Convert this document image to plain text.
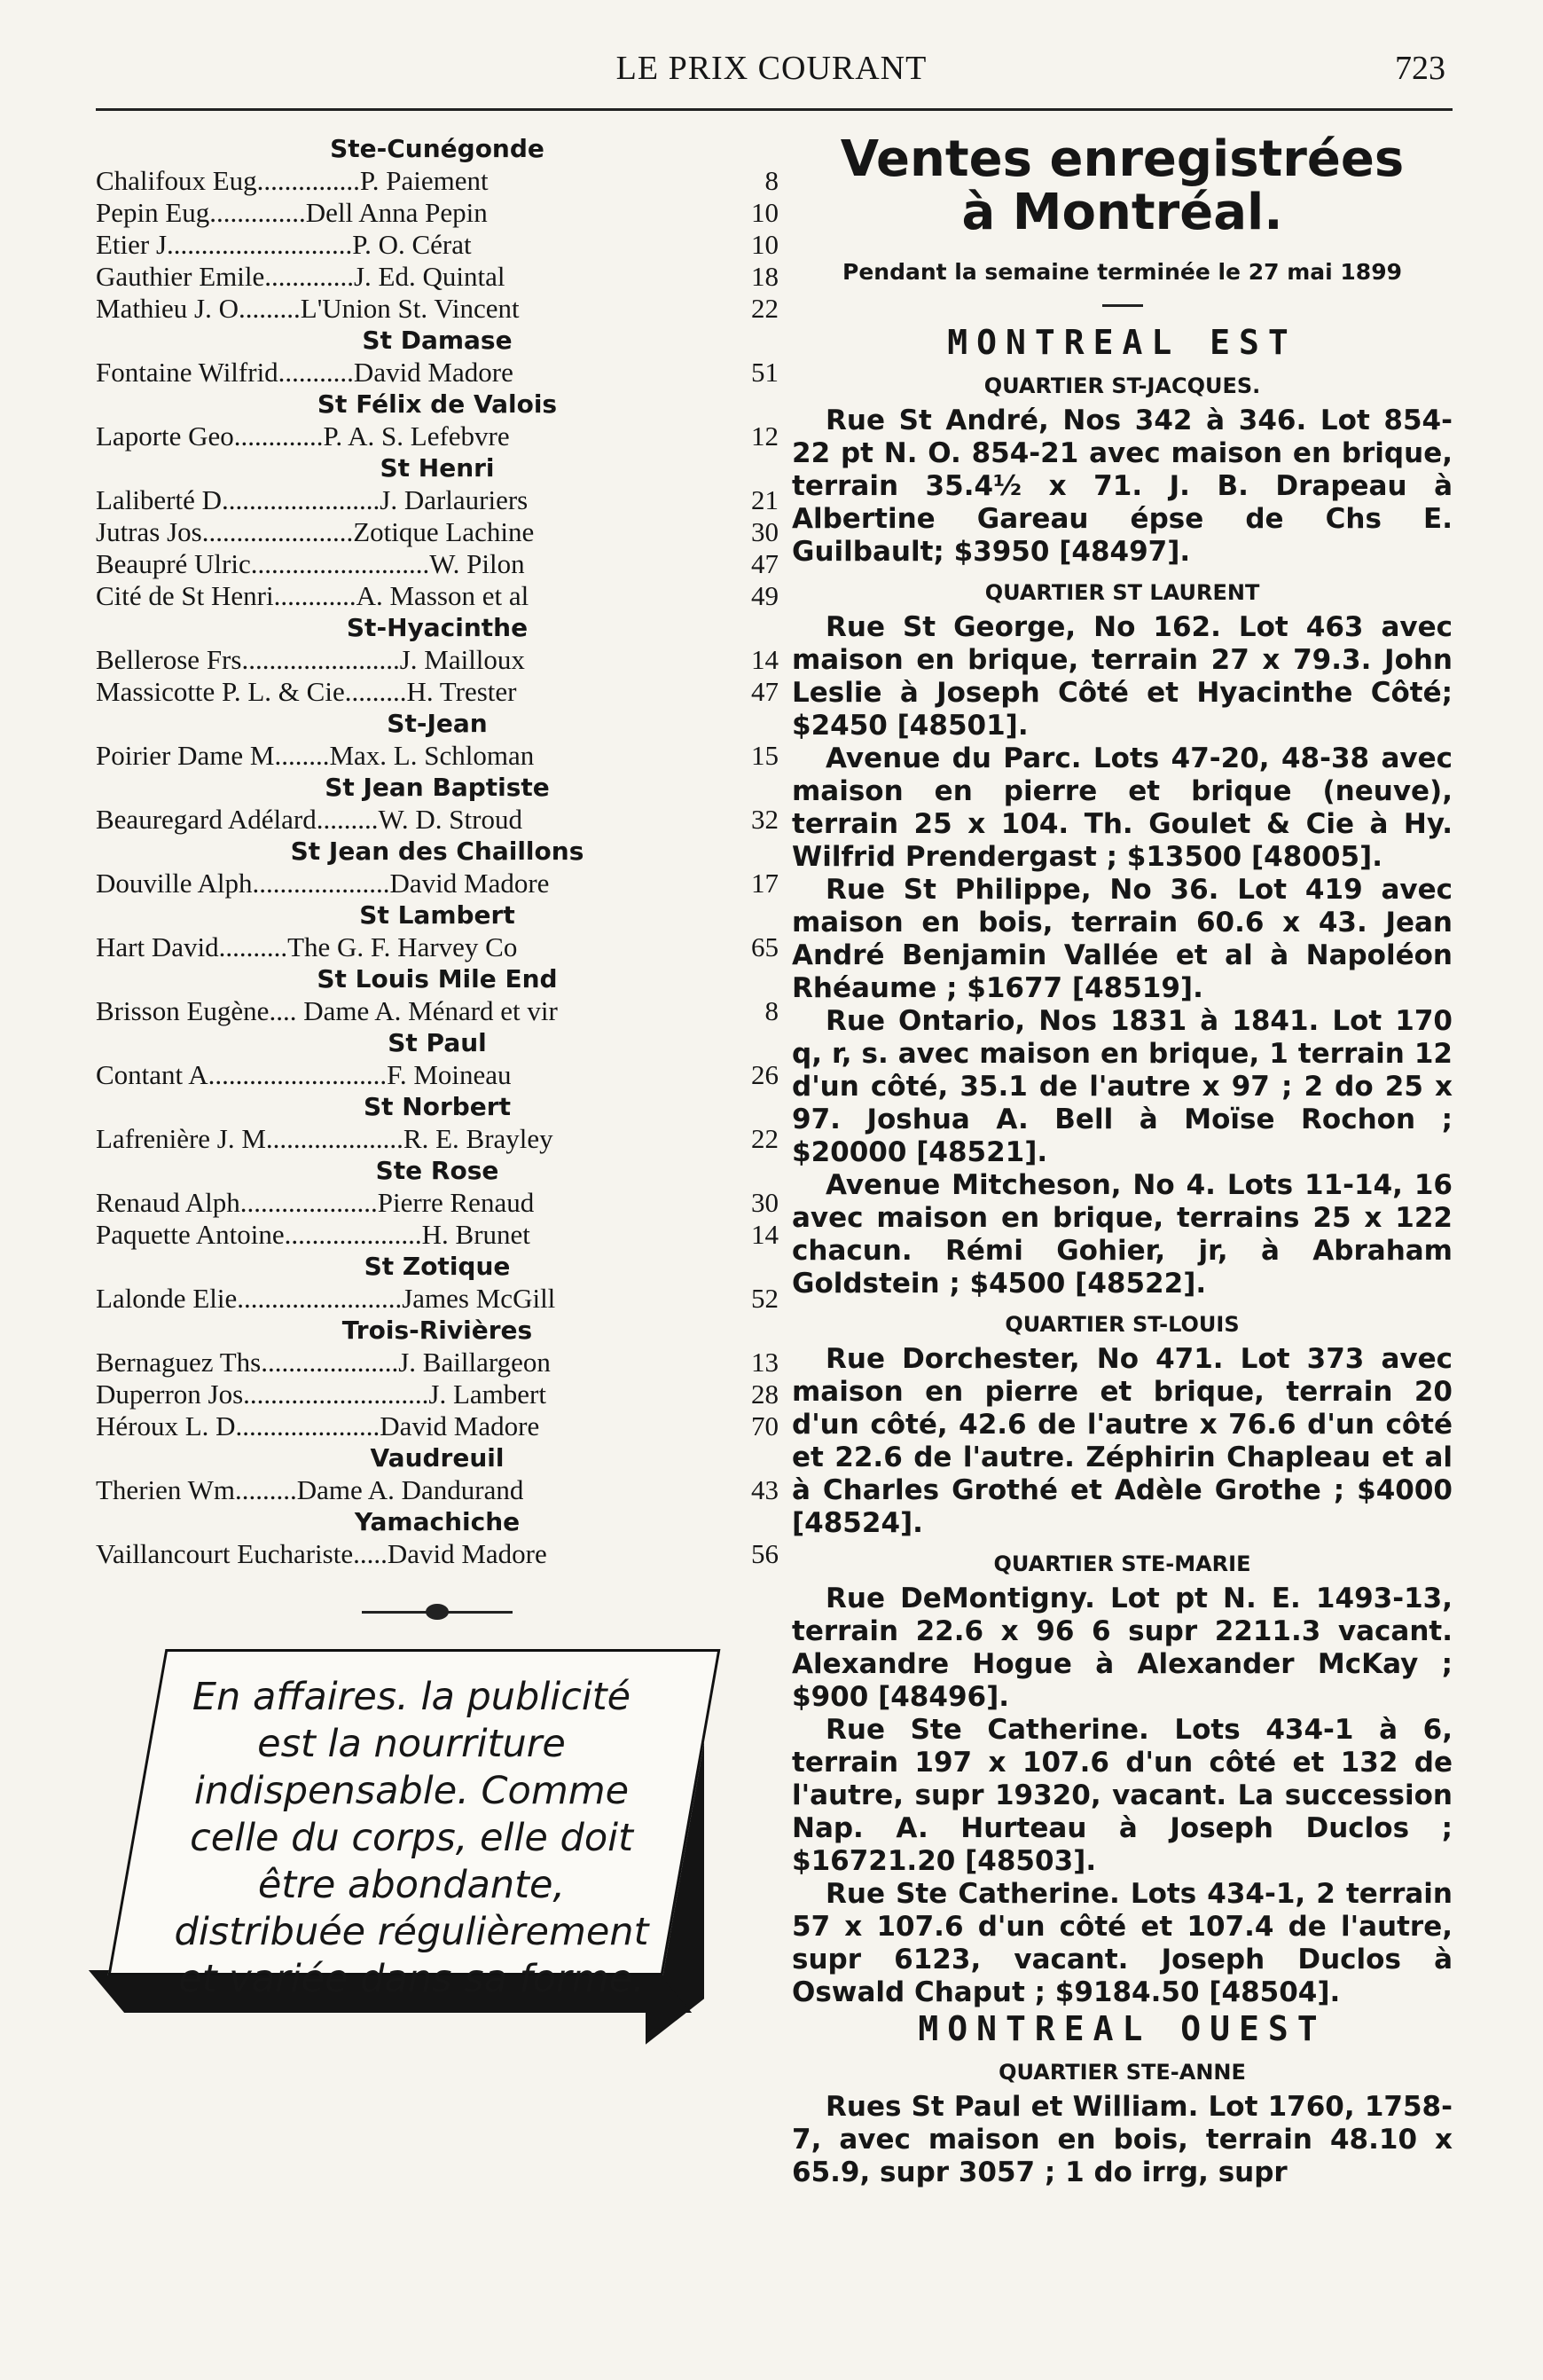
LE PRIX COURANT	723
Ste-Cunégonde
Chalifoux Eug...............P. Paiement	8
Pepin Eug..............Dell Anna Pepin	10
Etier J...........................P. O. Cérat	10
Gauthier Emile.............J. Ed. Quintal	18
Mathieu J. O.........L'Union St. Vincent	22
St Damase
Fontaine Wilfrid...........David Madore	51
St Félix de Valois
Laporte Geo.............P. A. S. Lefebvre	12
St Henri
Laliberté D.......................J. Darlauriers	21
Jutras Jos......................Zotique Lachine	30
Beaupré Ulric..........................W. Pilon	47
Cité de St Henri............A. Masson et al	49
St-Hyacinthe
Bellerose Frs.......................J. Mailloux	14
Massicotte P. L. & Cie.........H. Trester	47
St-Jean
Poirier Dame M........Max. L. Schloman	15
St Jean Baptiste
Beauregard Adélard.........W. D. Stroud	32
St Jean des Chaillons
Douville Alph....................David Madore	17
St Lambert
Hart David..........The G. F. Harvey Co	65
St Louis Mile End
Brisson Eugène.... Dame A. Ménard et vir	8
St Paul
Contant A..........................F. Moineau	26
St Norbert
Lafrenière J. M....................R. E. Brayley	22
Ste Rose
Renaud Alph....................Pierre Renaud	30
Paquette Antoine....................H. Brunet	14
St Zotique
Lalonde Elie........................James McGill	52
Trois-Rivières
Bernaguez Ths....................J. Baillargeon	13
Duperron Jos...........................J. Lambert	28
Héroux L. D.....................David Madore	70
Vaudreuil
Therien Wm.........Dame A. Dandurand	43
Yamachiche
Vaillancourt Eucharistе.....David Madore	56
En affaires. la publicité est la nourriture indispensable. Comme celle du corps, elle doit être abondante, distribuée régulièrement et variée dans sa forme.
Ventes enregistrées
à Montréal.
Pendant la semaine terminée le 27 mai 1899
MONTREAL EST
QUARTIER ST-JACQUES.

Rue St André, Nos 342 à 346. Lot 854-22 pt N. O. 854-21 avec maison en brique, terrain 35.4½ x 71. J. B. Drapeau à Albertine Gareau épse de Chs E. Guilbault; $3950 [48497].

QUARTIER ST LAURENT

Rue St George, No 162. Lot 463 avec maison en brique, terrain 27 x 79.3. John Leslie à Joseph Côté et Hyacinthe Côté; $2450 [48501].

Avenue du Parc. Lots 47-20, 48-38 avec maison en pierre et brique (neuve), terrain 25 x 104. Th. Goulet & Cie à Hy. Wilfrid Prendergast ; $13500 [48005].

Rue St Philippe, No 36. Lot 419 avec maison en bois, terrain 60.6 x 43. Jean André Benjamin Vallée et al à Napoléon Rhéaume ; $1677 [48519].

Rue Ontario, Nos 1831 à 1841. Lot 170 q, r, s. avec maison en brique, 1 terrain 12 d'un côté, 35.1 de l'autre x 97 ; 2 do 25 x 97. Joshua A. Bell à Moïse Rochon ; $20000 [48521].

Avenue Mitcheson, No 4. Lots 11-14, 16 avec maison en brique, terrains 25 x 122 chacun. Rémi Gohier, jr, à Abraham Goldstein ; $4500 [48522].

QUARTIER ST-LOUIS

Rue Dorchester, No 471. Lot 373 avec maison en pierre et brique, terrain 20 d'un côté, 42.6 de l'autre x 76.6 d'un côté et 22.6 de l'autre. Zéphirin Chapleau et al à Charles Grothé et Adèle Grothe ; $4000 [48524].

QUARTIER STE-MARIE

Rue DeMontigny. Lot pt N. E. 1493-13, terrain 22.6 x 96 6 supr 2211.3 vacant. Alexandre Hogue à Alexander McKay ; $900 [48496].

Rue Ste Catherine. Lots 434-1 à 6, terrain 197 x 107.6 d'un côté et 132 de l'autre, supr 19320, vacant. La succession Nap. A. Hurteau à Joseph Duclos ; $16721.20 [48503].

Rue Ste Catherine. Lots 434-1, 2 terrain 57 x 107.6 d'un côté et 107.4 de l'autre, supr 6123, vacant. Joseph Duclos à Oswald Chaput ; $9184.50 [48504].

MONTREAL OUEST
QUARTIER STE-ANNE

Rues St Paul et William. Lot 1760, 1758-7, avec maison en bois, terrain 48.10 x 65.9, supr 3057 ; 1 do irrg, supr
